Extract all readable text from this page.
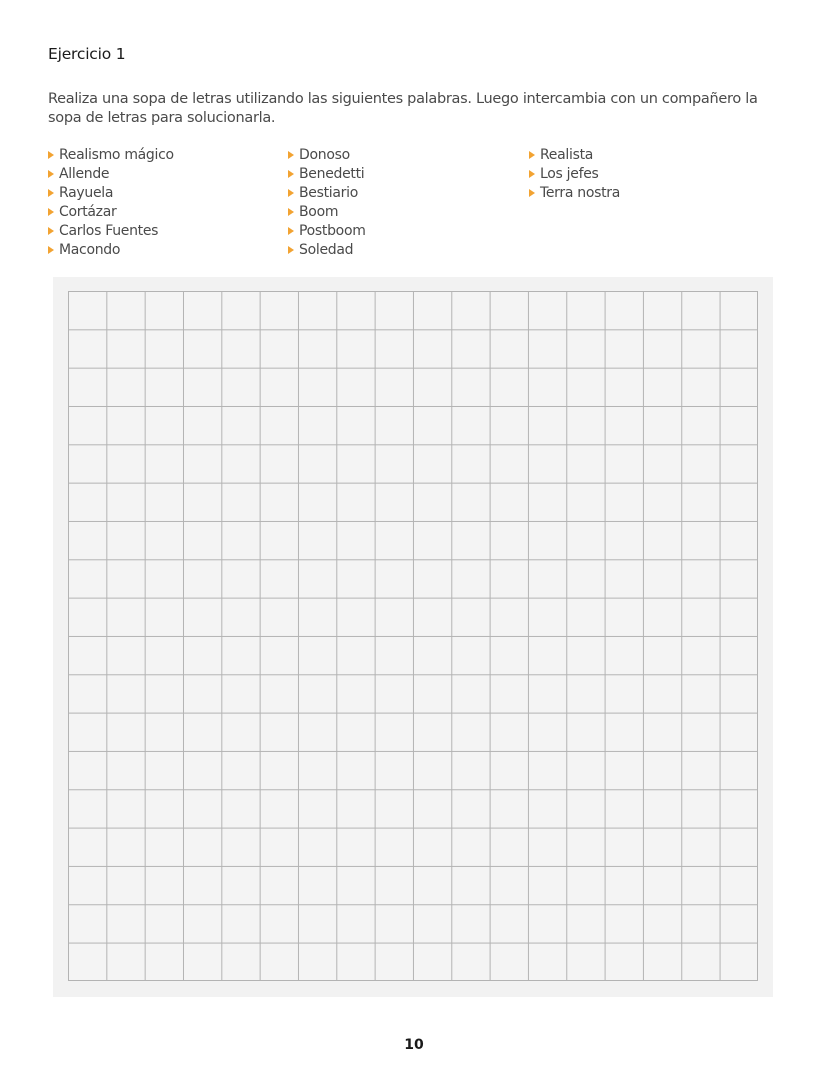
Ejercicio 1
Realiza una sopa de letras utilizando las siguientes palabras. Luego intercambia con un compañero la sopa de letras para solucionarla.
Realismo mágico
Allende
Rayuela
Cortázar
Carlos Fuentes
Macondo
Donoso
Benedetti
Bestiario
Boom
Postboom
Soledad
Realista
Los jefes
Terra nostra
10
